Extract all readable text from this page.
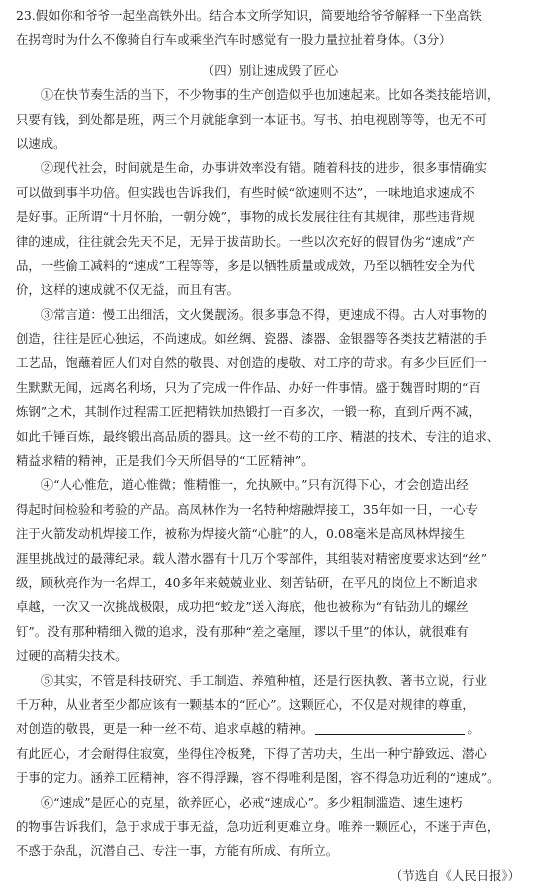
23.假如你和爷爷一起坐高铁外出。结合本文所学知识，简要地给爷爷解释一下坐高铁
在拐弯时为什么不像骑自行车或乘坐汽车时感觉有一股力量拉扯着身体。（3分）
（四）别让速成毁了匠心
　　①在快节奏生活的当下，不少物事的生产创造似乎也加速起来。比如各类技能培训，
只要有钱，到处都是班，两三个月就能拿到一本证书。写书、拍电视剧等等，也无不可
以速成。
　　②现代社会，时间就是生命，办事讲效率没有错。随着科技的进步，很多事情确实
可以做到事半功倍。但实践也告诉我们，有些时候“欲速则不达”，一味地追求速成不
是好事。正所谓“十月怀胎，一朝分娩”，事物的成长发展往往有其规律，那些违背规
律的速成，往往就会先天不足，无异于拔苗助长。一些以次充好的假冒伪劣“速成”产
品，一些偷工减料的“速成”工程等等，多是以牺牲质量或成效，乃至以牺牲安全为代
价，这样的速成就不仅无益，而且有害。
　　③常言道：慢工出细活，文火煲靓汤。很多事急不得，更速成不得。古人对事物的
创造，往往是匠心独运，不尚速成。如丝绸、瓷器、漆器、金银器等各类技艺精湛的手
工艺品，饱蘸着匠人们对自然的敬畏、对创造的虔敬、对工序的苛求。有多少巨匠们一
生默默无闻，远离名利场，只为了完成一件作品、办好一件事情。盛于魏晋时期的“百
炼钢”之术，其制作过程需工匠把精铁加热锻打一百多次，一锻一称，直到斤两不减，
如此千锤百炼，最终锻出高品质的器具。这一丝不苟的工序、精湛的技术、专注的追求、
精益求精的精神，正是我们今天所倡导的“工匠精神”。
　　④“人心惟危，道心惟微；惟精惟一，允执厥中。”只有沉得下心，才会创造出经
得起时间检验和考验的产品。高凤林作为一名特种熔融焊接工，35年如一日，一心专
注于火箭发动机焊接工作，被称为焊接火箭“心脏”的人，0.08毫米是高凤林焊接生
涯里挑战过的最薄纪录。载人潜水器有十几万个零部件，其组装对精密度要求达到“丝”
级，顾秋亮作为一名焊工，40多年来兢兢业业、刻苦钻研，在平凡的岗位上不断追求
卓越，一次又一次挑战极限，成功把“蛟龙”送入海底，他也被称为“有钻劲儿的螺丝
钉”。没有那种精细入微的追求，没有那种“差之毫厘，谬以千里”的体认，就很难有
过硬的高精尖技术。
　　⑤其实，不管是科技研究、手工制造、养殖种植，还是行医执教、著书立说，行业
千万种，从业者至少都应该有一颗基本的“匠心”。这颗匠心，不仅是对规律的尊重，
对创造的敬畏，更是一种一丝不苟、追求卓越的精神。	。
有此匠心，才会耐得住寂寞，坐得住冷板凳，下得了苦功夫，生出一种宁静致远、潜心
于事的定力。涵养工匠精神，容不得浮躁，容不得唯利是图，容不得急功近利的“速成”。
　　⑥“速成”是匠心的克星，欲养匠心，必戒“速成心”。多少粗制滥造、速生速朽
的物事告诉我们，急于求成于事无益，急功近利更难立身。唯养一颗匠心，不迷于声色，
不惑于杂乱，沉潜自己、专注一事，方能有所成、有所立。
（节选自《人民日报》）
